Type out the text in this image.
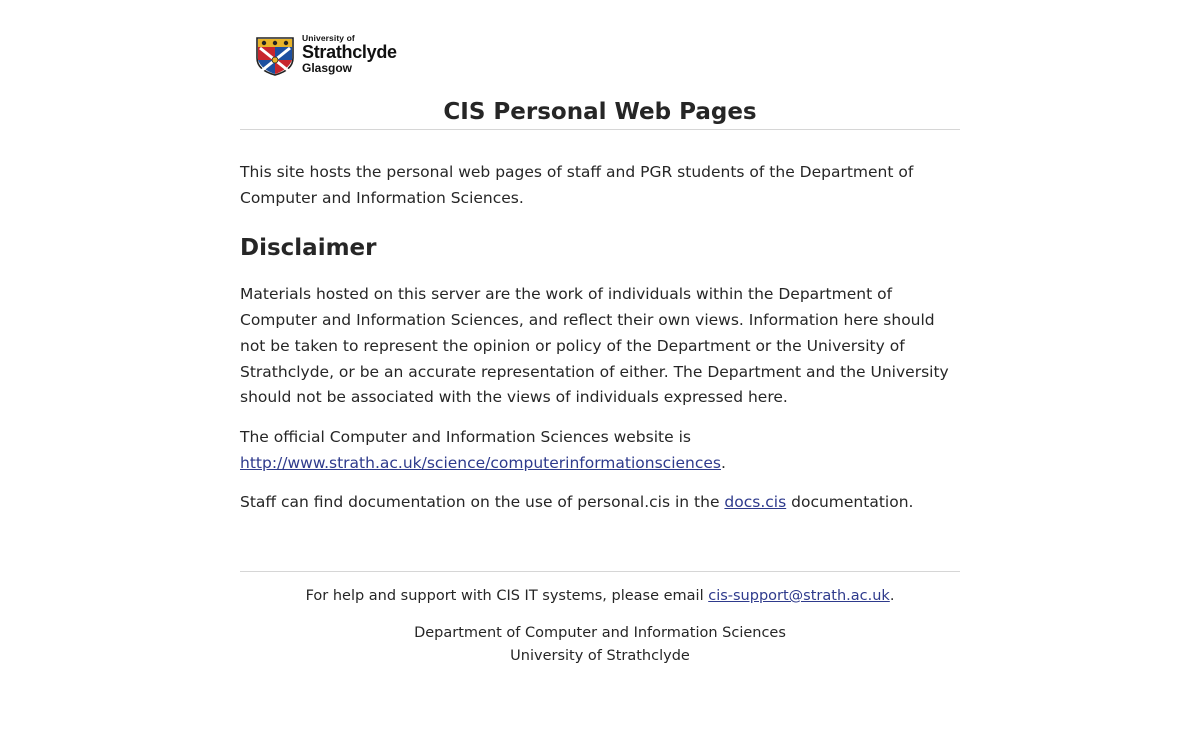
University of
Strathclyde
Glasgow
CIS Personal Web Pages

This site hosts the personal web pages of staff and PGR students of the Department of Computer and Information Sciences.

Disclaimer

Materials hosted on this server are the work of individuals within the Department of Computer and Information Sciences, and reflect their own views. Information here should not be taken to represent the opinion or policy of the Department or the University of Strathclyde, or be an accurate representation of either. The Department and the University should not be associated with the views of individuals expressed here.

The official Computer and Information Sciences website is
http://www.strath.ac.uk/science/computerinformationsciences.

Staff can find documentation on the use of personal.cis in the docs.cis documentation.

For help and support with CIS IT systems, please email cis-support@strath.ac.uk.

Department of Computer and Information Sciences
University of Strathclyde
